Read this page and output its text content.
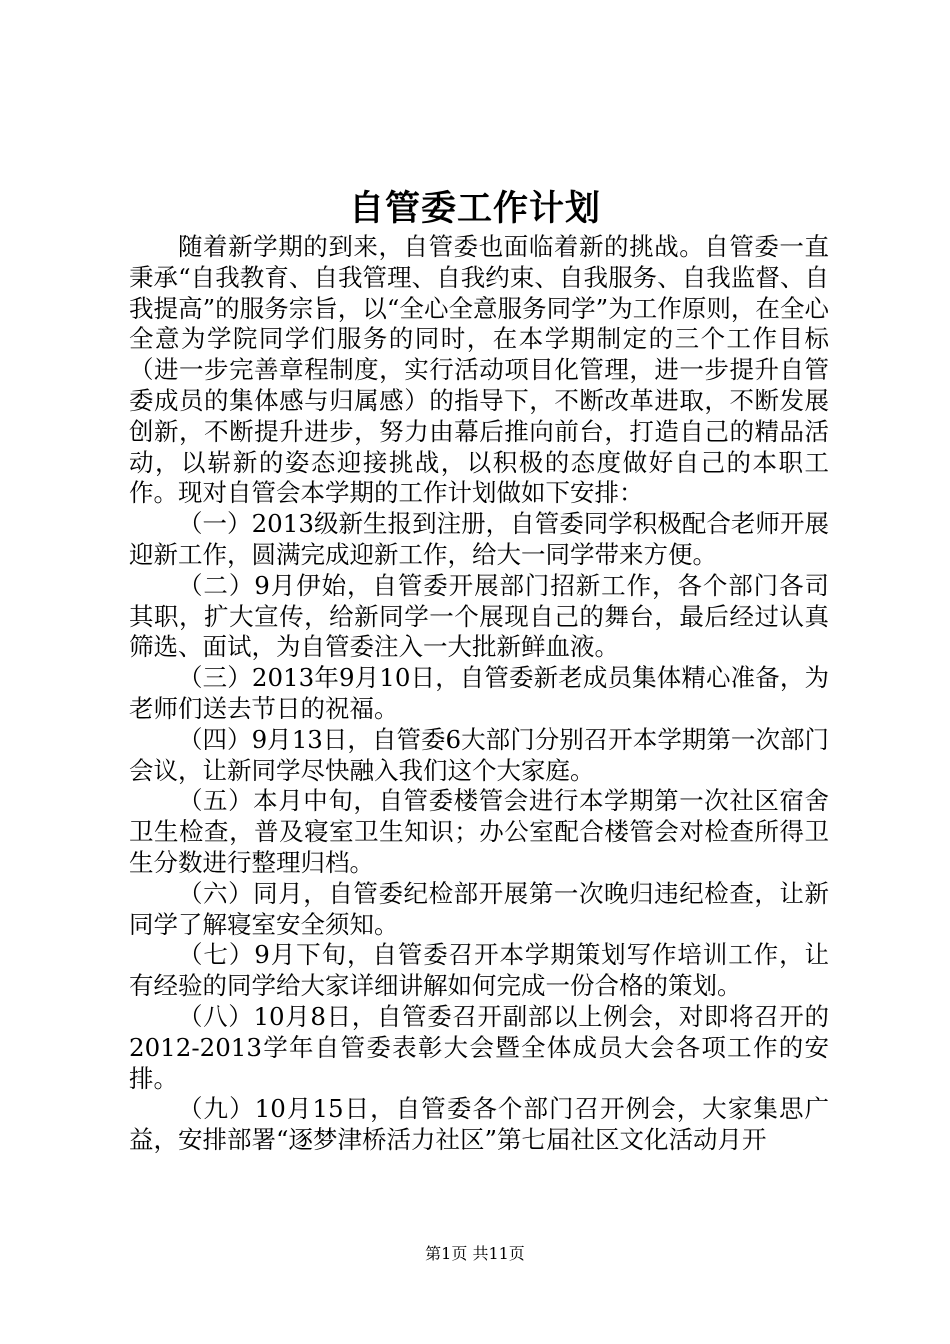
自管委工作计划

随着新学期的到来，自管委也面临着新的挑战。自管委一直秉承“自我教育、自我管理、自我约束、自我服务、自我监督、自我提高”的服务宗旨，以“全心全意服务同学”为工作原则，在全心全意为学院同学们服务的同时，在本学期制定的三个工作目标（进一步完善章程制度，实行活动项目化管理，进一步提升自管委成员的集体感与归属感）的指导下，不断改革进取，不断发展创新，不断提升进步，努力由幕后推向前台，打造自己的精品活动，以崭新的姿态迎接挑战，以积极的态度做好自己的本职工作。现对自管会本学期的工作计划做如下安排：

（一）2013级新生报到注册，自管委同学积极配合老师开展迎新工作，圆满完成迎新工作，给大一同学带来方便。

（二）9月伊始，自管委开展部门招新工作，各个部门各司其职，扩大宣传，给新同学一个展现自己的舞台，最后经过认真筛选、面试，为自管委注入一大批新鲜血液。

（三）2013年9月10日，自管委新老成员集体精心准备，为老师们送去节日的祝福。

（四）9月13日，自管委6大部门分别召开本学期第一次部门会议，让新同学尽快融入我们这个大家庭。

（五）本月中旬，自管委楼管会进行本学期第一次社区宿舍卫生检查，普及寝室卫生知识；办公室配合楼管会对检查所得卫生分数进行整理归档。

（六）同月，自管委纪检部开展第一次晚归违纪检查，让新同学了解寝室安全须知。

（七）9月下旬，自管委召开本学期策划写作培训工作，让有经验的同学给大家详细讲解如何完成一份合格的策划。

（八）10月8日，自管委召开副部以上例会，对即将召开的2012-2013学年自管委表彰大会暨全体成员大会各项工作的安排。

（九）10月15日，自管委各个部门召开例会，大家集思广益，安排部署“逐梦津桥活力社区”第七届社区文化活动月开

第1页 共11页
